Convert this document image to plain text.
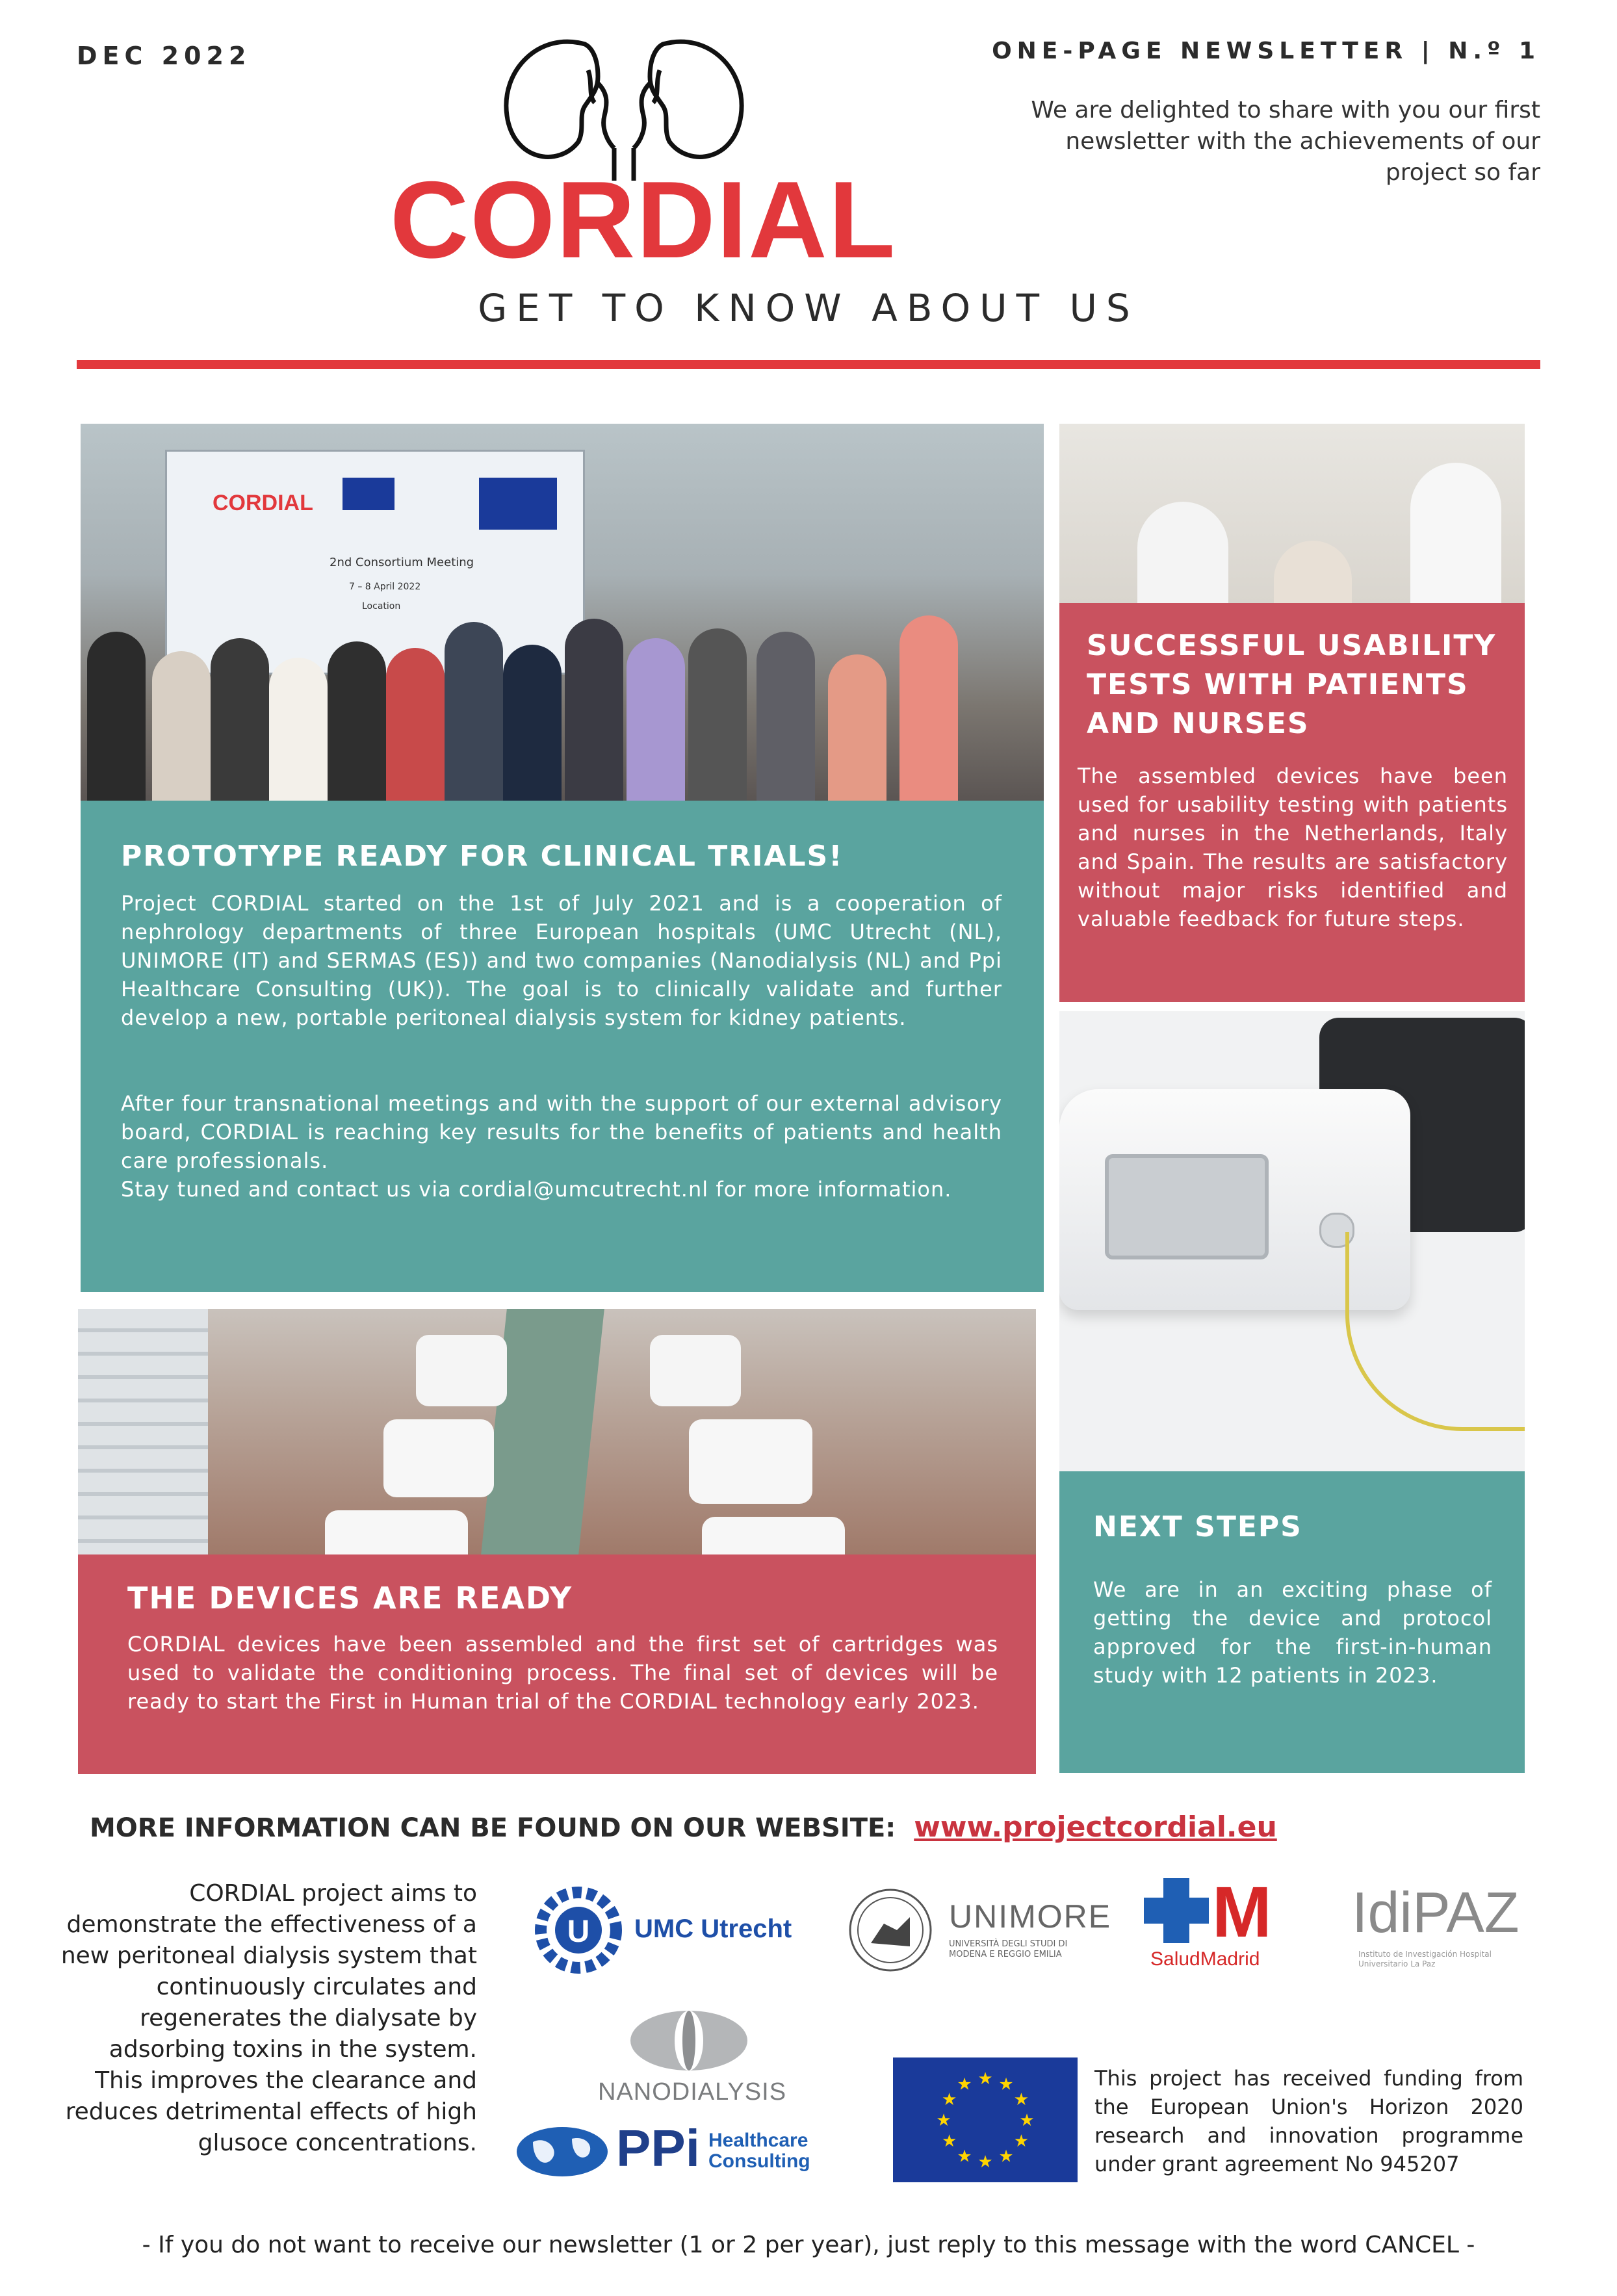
DEC 2022	ONE-PAGE NEWSLETTER | N.º 1
We are delighted to share with you our first newsletter with the achievements of our project so far
CORDIAL
GET TO KNOW ABOUT US
CORDIAL
2nd Consortium Meeting
7 – 8 April 2022
Location
PROTOTYPE READY FOR CLINICAL TRIALS!
Project CORDIAL started on the 1st of July 2021 and is a cooperation of nephrology departments of three European hospitals (UMC Utrecht (NL), UNIMORE (IT) and SERMAS (ES)) and two companies (Nanodialysis (NL) and Ppi Healthcare Consulting (UK)). The goal is to clinically validate and further develop a new, portable peritoneal dialysis system for kidney patients.
After four transnational meetings and with the support of our external advisory board, CORDIAL is reaching key results for the benefits of patients and health care professionals.
Stay tuned and contact us via cordial@umcutrecht.nl for more information.
SUCCESSFUL USABILITY TESTS WITH PATIENTS AND NURSES
The assembled devices have been used for usability testing with patients and nurses in the Netherlands, Italy and Spain. The results are satisfactory without major risks identified and valuable feedback for future steps.
NEXT STEPS
We are in an exciting phase of getting the device and protocol approved for the first-in-human study with 12 patients in 2023.
THE DEVICES ARE READY
CORDIAL devices have been assembled and the first set of cartridges was used to validate the conditioning process. The final set of devices will be ready to start the First in Human trial of the CORDIAL technology early 2023.
MORE INFORMATION CAN BE FOUND ON OUR WEBSITE: www.projectcordial.eu
CORDIAL project aims to demonstrate the effectiveness of a new peritoneal dialysis system that continuously circulates and regenerates the dialysate by adsorbing toxins in the system. This improves the clearance and reduces detrimental effects of high glusoce concentrations.
U UMC Utrecht	UNIMORE
UNIVERSITÀ DEGLI STUDI DI MODENA E REGGIO EMILIA
M
SaludMadrid
IdiPAZ
Instituto de Investigación Hospital Universitario La Paz
NANODIALYSIS
PPi Healthcare Consulting
★ ★
★
★
★
★
★
★
★
★
★
★	This project has received funding from the European Union's Horizon 2020 research and innovation programme under grant agreement No 945207
- If you do not want to receive our newsletter (1 or 2 per year), just reply to this message with the word CANCEL -
